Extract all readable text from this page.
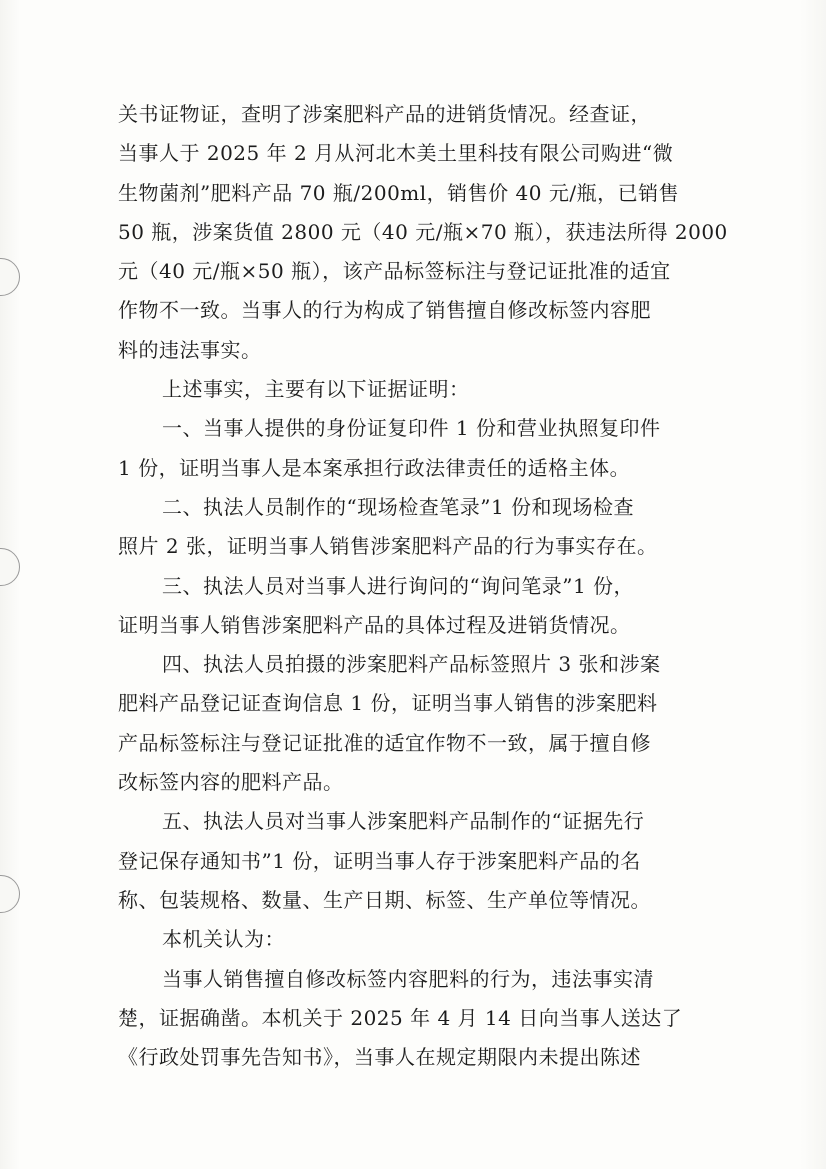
关书证物证，查明了涉案肥料产品的进销货情况。经查证，
当事人于 2025 年 2 月从河北木美土里科技有限公司购进“微
生物菌剂”肥料产品 70 瓶/200ml，销售价 40 元/瓶，已销售
50 瓶，涉案货值 2800 元（40 元/瓶×70 瓶），获违法所得 2000
元（40 元/瓶×50 瓶），该产品标签标注与登记证批准的适宜
作物不一致。当事人的行为构成了销售擅自修改标签内容肥
料的违法事实。
上述事实，主要有以下证据证明：
一、当事人提供的身份证复印件 1 份和营业执照复印件
1 份，证明当事人是本案承担行政法律责任的适格主体。
二、执法人员制作的“现场检查笔录”1 份和现场检查
照片 2 张，证明当事人销售涉案肥料产品的行为事实存在。
三、执法人员对当事人进行询问的“询问笔录”1 份，
证明当事人销售涉案肥料产品的具体过程及进销货情况。
四、执法人员拍摄的涉案肥料产品标签照片 3 张和涉案
肥料产品登记证查询信息 1 份，证明当事人销售的涉案肥料
产品标签标注与登记证批准的适宜作物不一致，属于擅自修
改标签内容的肥料产品。
五、执法人员对当事人涉案肥料产品制作的“证据先行
登记保存通知书”1 份，证明当事人存于涉案肥料产品的名
称、包装规格、数量、生产日期、标签、生产单位等情况。
本机关认为：
当事人销售擅自修改标签内容肥料的行为，违法事实清
楚，证据确凿。本机关于 2025 年 4 月 14 日向当事人送达了
《行政处罚事先告知书》，当事人在规定期限内未提出陈述
